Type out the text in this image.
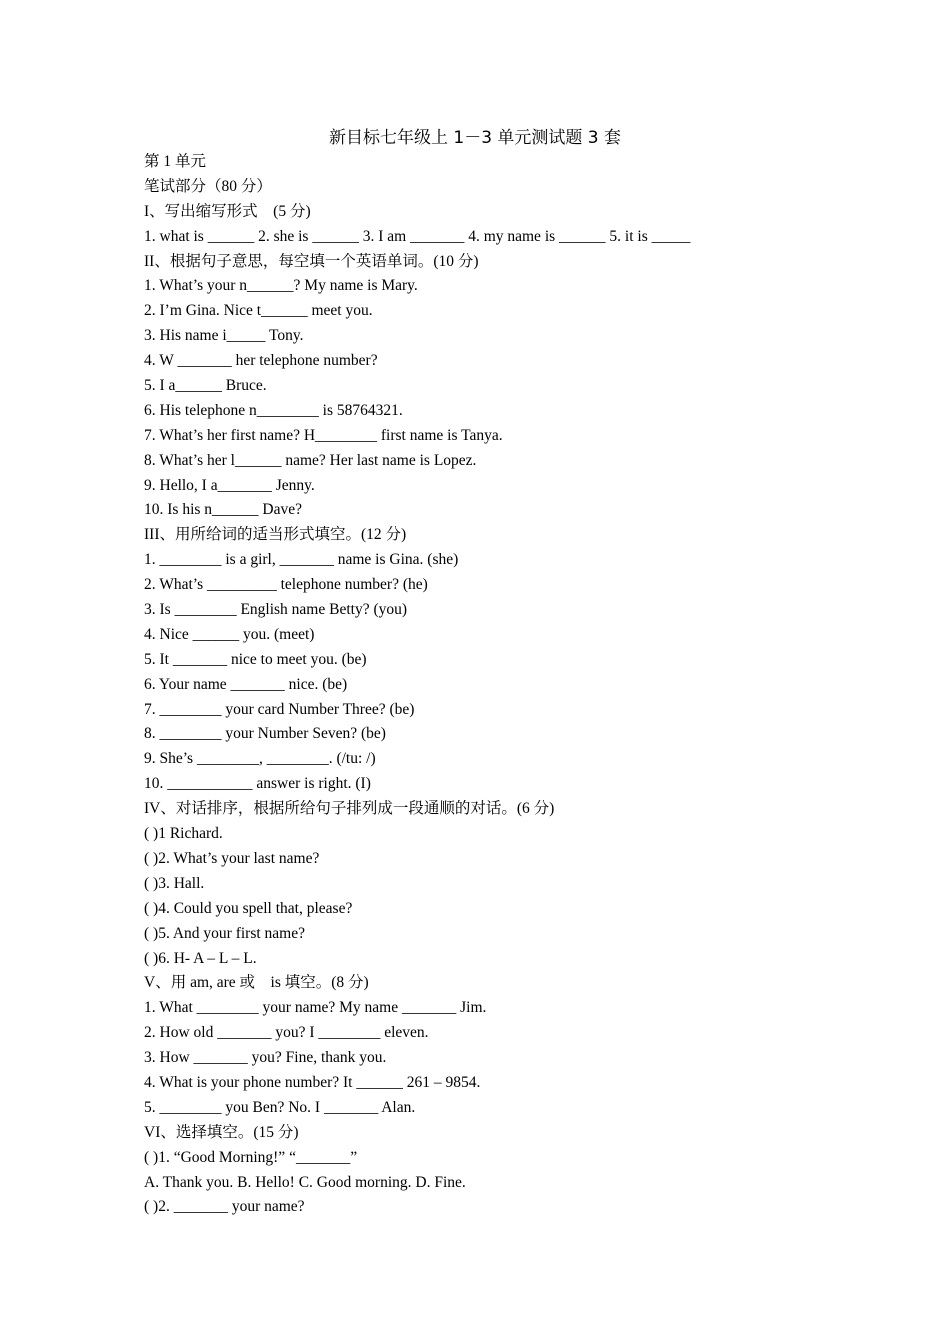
新目标七年级上 1－3 单元测试题 3 套
第 1 单元
笔试部分（80 分）
I、写出缩写形式　(5 分)
1. what is ______ 2. she is ______ 3. I am _______ 4. my name is ______ 5. it is _____
II、根据句子意思，每空填一个英语单词。(10 分)
1. What’s your n______? My name is Mary.
2. I’m Gina. Nice t______ meet you.
3. His name i_____ Tony.
4. W _______ her telephone number?
5. I a______ Bruce.
6. His telephone n________ is 58764321.
7. What’s her first name? H________ first name is Tanya.
8. What’s her l______ name? Her last name is Lopez.
9. Hello, I a_______ Jenny.
10. Is his n______ Dave?
III、用所给词的适当形式填空。(12 分)
1. ________ is a girl, _______ name is Gina. (she)
2. What’s _________ telephone number? (he)
3. Is ________ English name Betty? (you)
4. Nice ______ you. (meet)
5. It _______ nice to meet you. (be)
6. Your name _______ nice. (be)
7. ________ your card Number Three? (be)
8. ________ your Number Seven? (be)
9. She’s ________, ________. (/tu: /)
10. ___________ answer is right. (I)
IV、对话排序，根据所给句子排列成一段通顺的对话。(6 分)
( )1 Richard.
( )2. What’s your last name?
( )3. Hall.
( )4. Could you spell that, please?
( )5. And your first name?
( )6. H- A – L – L.
V、用 am, are 或　is 填空。(8 分)
1. What ________ your name? My name _______ Jim.
2. How old _______ you? I ________ eleven.
3. How _______ you? Fine, thank you.
4. What is your phone number? It ______ 261 – 9854.
5. ________ you Ben? No. I _______ Alan.
VI、选择填空。(15 分)
( )1. “Good Morning!” “_______”
A. Thank you. B. Hello! C. Good morning. D. Fine.
( )2. _______ your name?
